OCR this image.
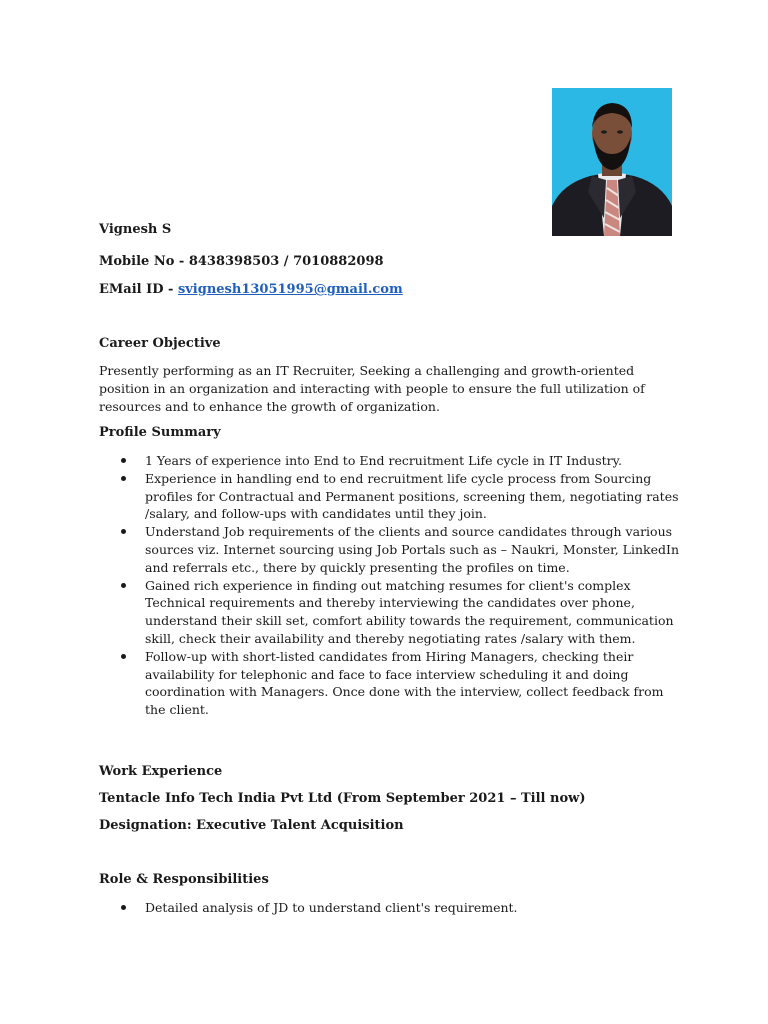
Vignesh S
Mobile No - 8438398503 / 7010882098
EMail ID - svignesh13051995@gmail.com
Career Objective
Presently performing as an IT Recruiter, Seeking a challenging and growth-oriented position in an organization and interacting with people to ensure the full utilization of resources and to enhance the growth of organization.
Profile Summary
1 Years of experience into End to End recruitment Life cycle in IT Industry.
Experience in handling end to end recruitment life cycle process from Sourcing profiles for Contractual and Permanent positions, screening them, negotiating rates /salary, and follow-ups with candidates until they join.
Understand Job requirements of the clients and source candidates through various sources viz. Internet sourcing using Job Portals such as – Naukri, Monster, LinkedIn and referrals etc., there by quickly presenting the profiles on time.
Gained rich experience in finding out matching resumes for client's complex Technical requirements and thereby interviewing the candidates over phone, understand their skill set, comfort ability towards the requirement, communication skill, check their availability and thereby negotiating rates /salary with them.
Follow-up with short-listed candidates from Hiring Managers, checking their availability for telephonic and face to face interview scheduling it and doing coordination with Managers. Once done with the interview, collect feedback from the client.
Work Experience
Tentacle Info Tech India Pvt Ltd (From September 2021 – Till now)
Designation: Executive Talent Acquisition
Role & Responsibilities
Detailed analysis of JD to understand client's requirement.
